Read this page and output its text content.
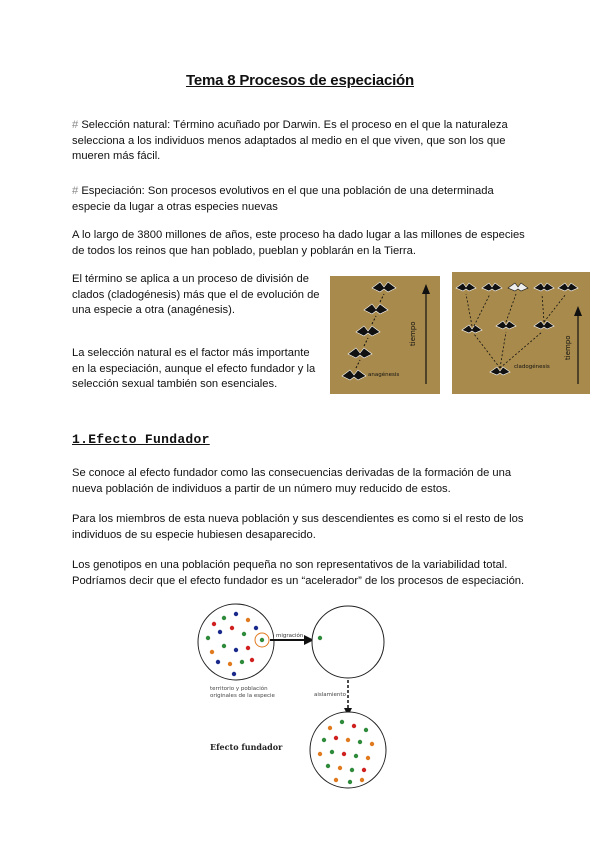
Tema 8 Procesos de especiación

# Selección natural: Término acuñado por Darwin. Es el proceso en el que la naturaleza selecciona a los individuos menos adaptados al medio en el que viven, que son los que mueren más fácil.

# Especiación: Son procesos evolutivos en el que una población de una determinada especie da lugar a otras especies nuevas

A lo largo de 3800 millones de años, este proceso ha dado lugar a las millones de especies de todos los reinos que han poblado, pueblan y poblarán en la Tierra.

El término se aplica a un proceso de división de clados (cladogénesis) más que el de evolución de una especie a otra (anagénesis).

La selección natural es el factor más importante en la especiación, aunque el efecto fundador y la selección sexual también son esenciales.

tiempo
anagénesis
tiempo
cladogénesis
1.Efecto Fundador

Se conoce al efecto fundador como las consecuencias derivadas de la formación de una nueva población de individuos a partir de un número muy reducido de estos.

Para los miembros de esta nueva población y sus descendientes es como si el resto de los individuos de su especie hubiesen desaparecido.

Los genotipos en una población pequeña no son representativos de la variabilidad total. Podríamos decir que el efecto fundador es un “acelerador” de los procesos de especiación.

migración
territorio y población
originales de la especie	aislamiento
Efecto fundador
